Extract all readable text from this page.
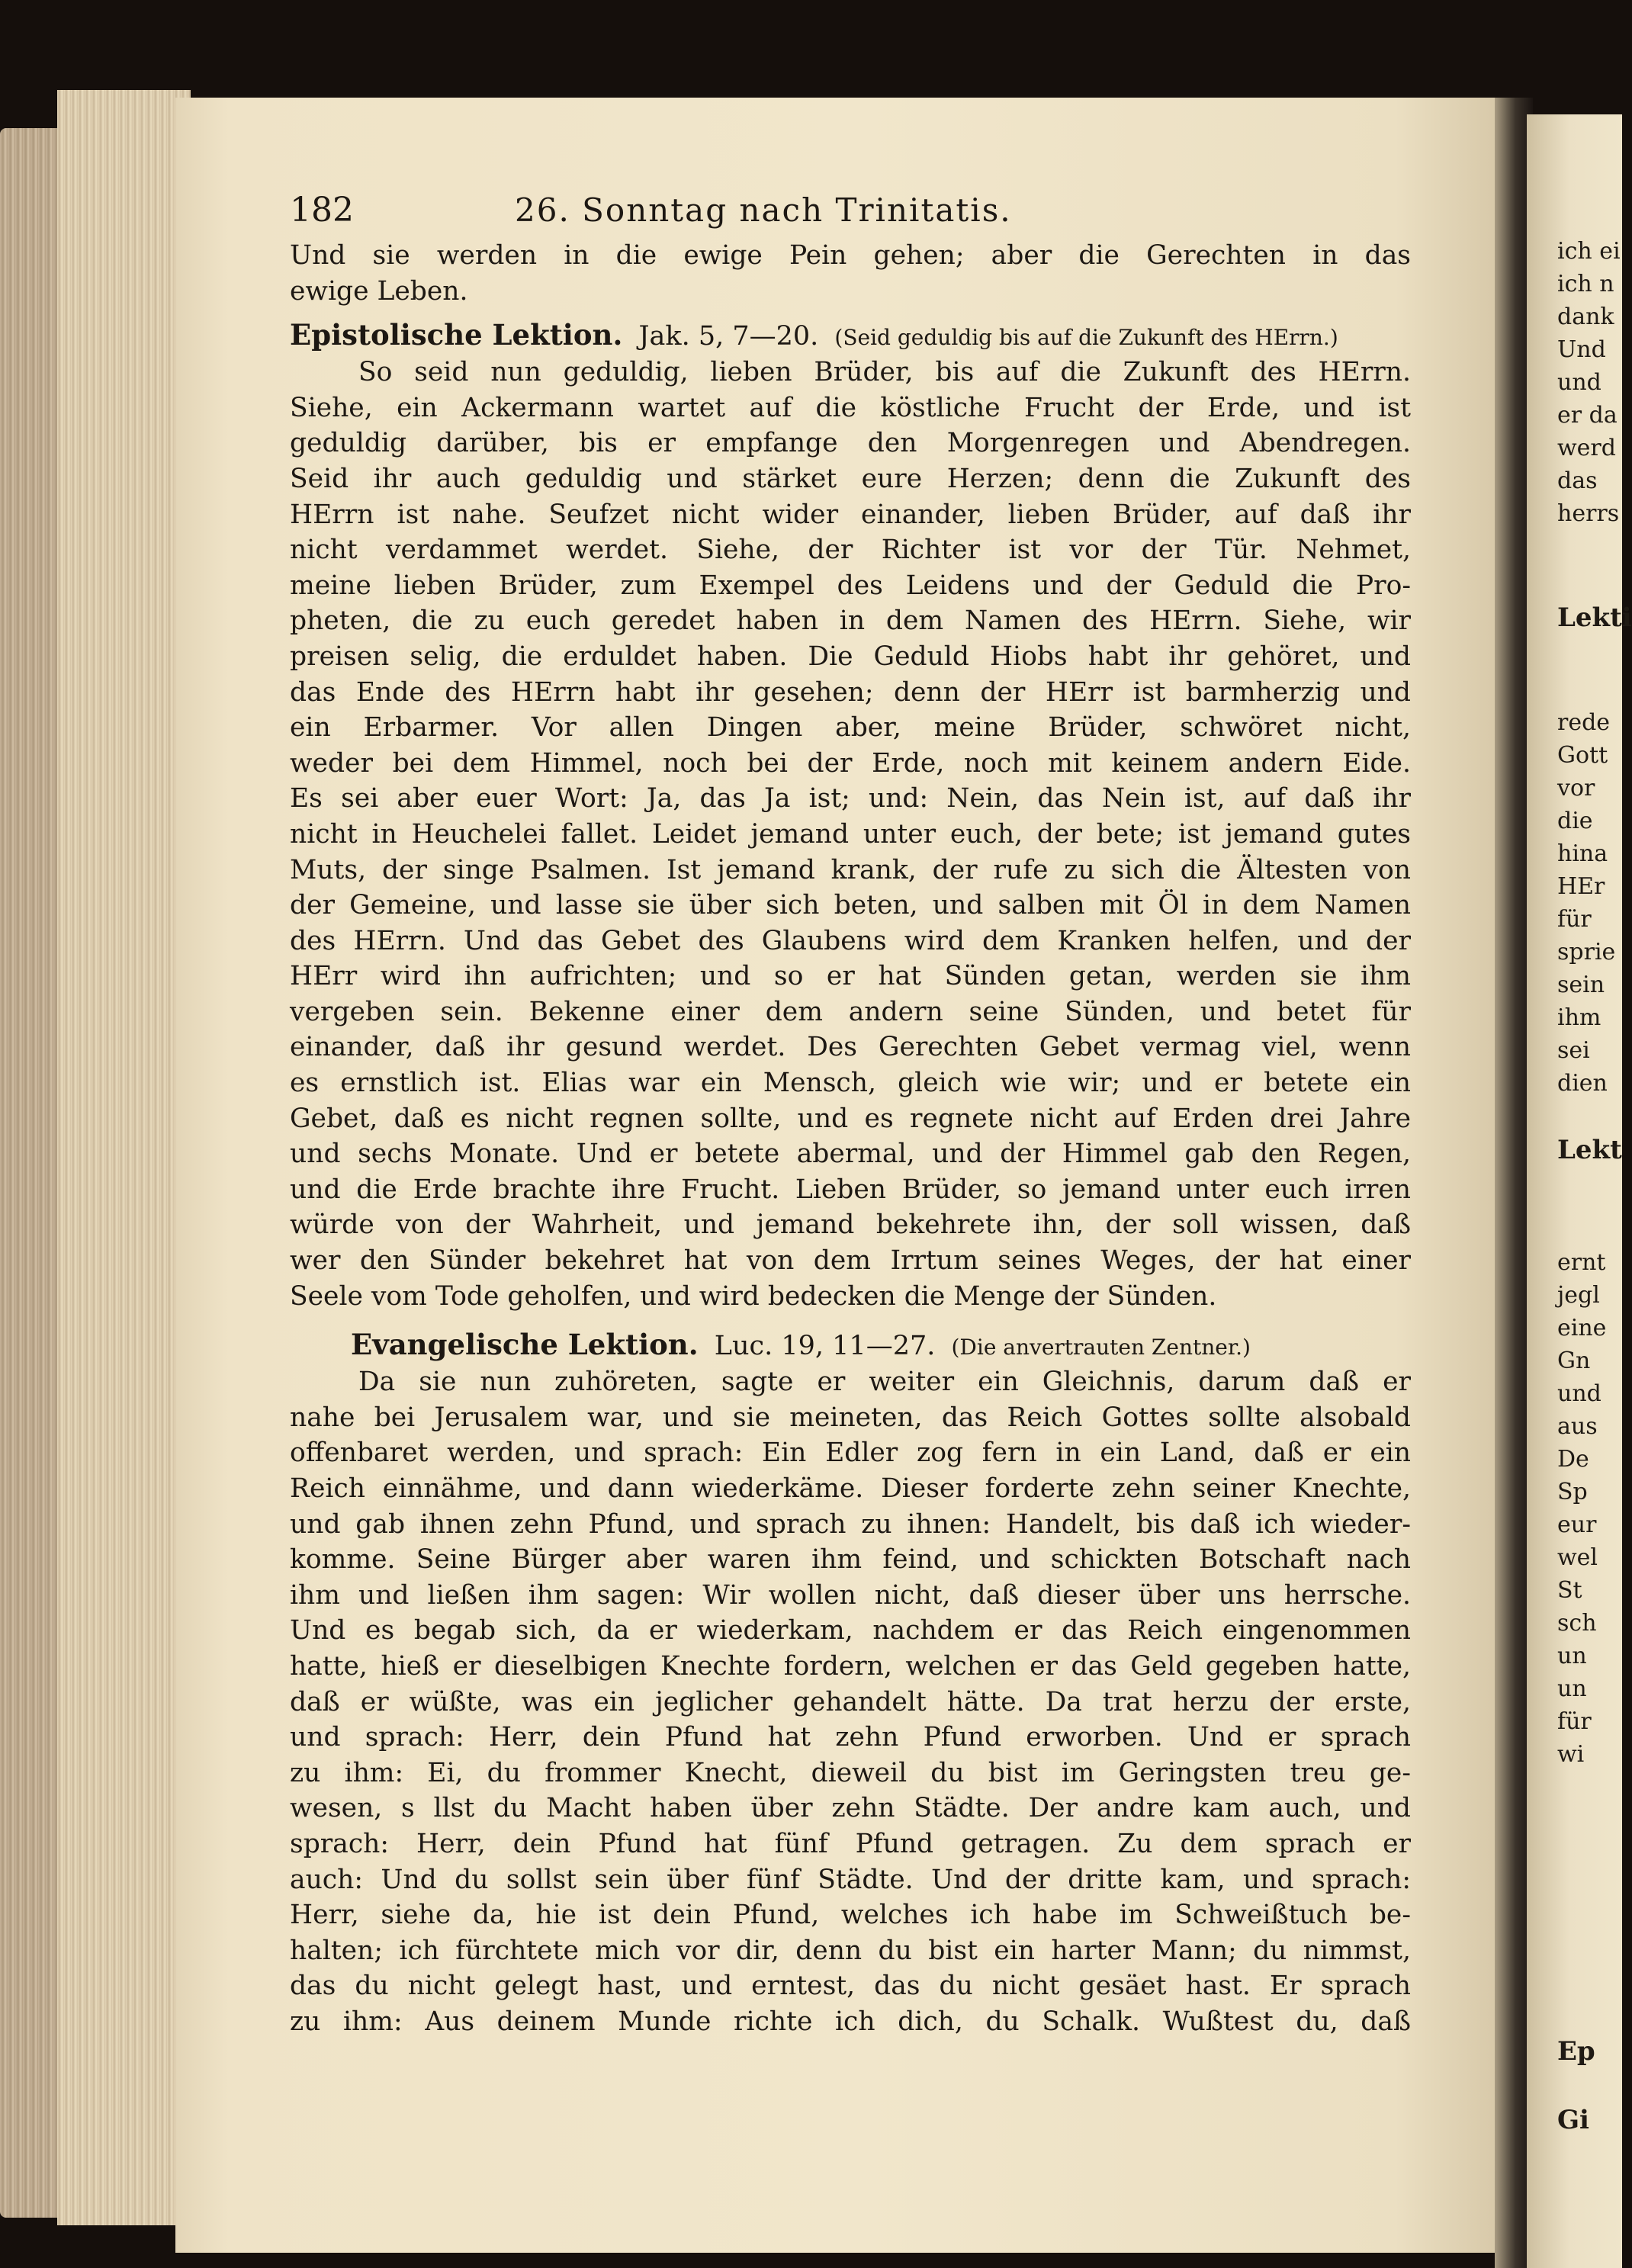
182	26. Sonntag nach Trinitatis.
Und sie werden in die ewige Pein gehen; aber die Gerechten in das
ewige Leben.
Epistolische Lektion. Jak. 5, 7—20. (Seid geduldig bis auf die Zukunft des HErrn.)
So seid nun geduldig, lieben Brüder, bis auf die Zukunft des HErrn.
Siehe, ein Ackermann wartet auf die köstliche Frucht der Erde, und ist
geduldig darüber, bis er empfange den Morgenregen und Abendregen.
Seid ihr auch geduldig und stärket eure Herzen; denn die Zukunft des
HErrn ist nahe. Seufzet nicht wider einander, lieben Brüder, auf daß ihr
nicht verdammet werdet. Siehe, der Richter ist vor der Tür. Nehmet,
meine lieben Brüder, zum Exempel des Leidens und der Geduld die Pro-
pheten, die zu euch geredet haben in dem Namen des HErrn. Siehe, wir
preisen selig, die erduldet haben. Die Geduld Hiobs habt ihr gehöret, und
das Ende des HErrn habt ihr gesehen; denn der HErr ist barmherzig und
ein Erbarmer. Vor allen Dingen aber, meine Brüder, schwöret nicht,
weder bei dem Himmel, noch bei der Erde, noch mit keinem andern Eide.
Es sei aber euer Wort: Ja, das Ja ist; und: Nein, das Nein ist, auf daß ihr
nicht in Heuchelei fallet. Leidet jemand unter euch, der bete; ist jemand gutes
Muts, der singe Psalmen. Ist jemand krank, der rufe zu sich die Ältesten von
der Gemeine, und lasse sie über sich beten, und salben mit Öl in dem Namen
des HErrn. Und das Gebet des Glaubens wird dem Kranken helfen, und der
HErr wird ihn aufrichten; und so er hat Sünden getan, werden sie ihm
vergeben sein. Bekenne einer dem andern seine Sünden, und betet für
einander, daß ihr gesund werdet. Des Gerechten Gebet vermag viel, wenn
es ernstlich ist. Elias war ein Mensch, gleich wie wir; und er betete ein
Gebet, daß es nicht regnen sollte, und es regnete nicht auf Erden drei Jahre
und sechs Monate. Und er betete abermal, und der Himmel gab den Regen,
und die Erde brachte ihre Frucht. Lieben Brüder, so jemand unter euch irren
würde von der Wahrheit, und jemand bekehrete ihn, der soll wissen, daß
wer den Sünder bekehret hat von dem Irrtum seines Weges, der hat einer
Seele vom Tode geholfen, und wird bedecken die Menge der Sünden.
Evangelische Lektion. Luc. 19, 11—27. (Die anvertrauten Zentner.)
Da sie nun zuhöreten, sagte er weiter ein Gleichnis, darum daß er
nahe bei Jerusalem war, und sie meineten, das Reich Gottes sollte alsobald
offenbaret werden, und sprach: Ein Edler zog fern in ein Land, daß er ein
Reich einnähme, und dann wiederkäme. Dieser forderte zehn seiner Knechte,
und gab ihnen zehn Pfund, und sprach zu ihnen: Handelt, bis daß ich wieder-
komme. Seine Bürger aber waren ihm feind, und schickten Botschaft nach
ihm und ließen ihm sagen: Wir wollen nicht, daß dieser über uns herrsche.
Und es begab sich, da er wiederkam, nachdem er das Reich eingenommen
hatte, hieß er dieselbigen Knechte fordern, welchen er das Geld gegeben hatte,
daß er wüßte, was ein jeglicher gehandelt hätte. Da trat herzu der erste,
und sprach: Herr, dein Pfund hat zehn Pfund erworben. Und er sprach
zu ihm: Ei, du frommer Knecht, dieweil du bist im Geringsten treu ge-
wesen, s llst du Macht haben über zehn Städte. Der andre kam auch, und
sprach: Herr, dein Pfund hat fünf Pfund getragen. Zu dem sprach er
auch: Und du sollst sein über fünf Städte. Und der dritte kam, und sprach:
Herr, siehe da, hie ist dein Pfund, welches ich habe im Schweißtuch be-
halten; ich fürchtete mich vor dir, denn du bist ein harter Mann; du nimmst,
das du nicht gelegt hast, und erntest, das du nicht gesäet hast. Er sprach
zu ihm: Aus deinem Munde richte ich dich, du Schalk. Wußtest du, daß
ich ei
ich n
dank
Und
und
er da
werd
das
herrs
Lekti
rede
Gott
vor
die
hina
HEr
für
sprie
sein
ihm
sei
dien
Lekt
ernt
jegl
eine
Gn
und
aus
De
Sp
eur
wel
St
sch
un
un
für
wi
Ep
Gi
